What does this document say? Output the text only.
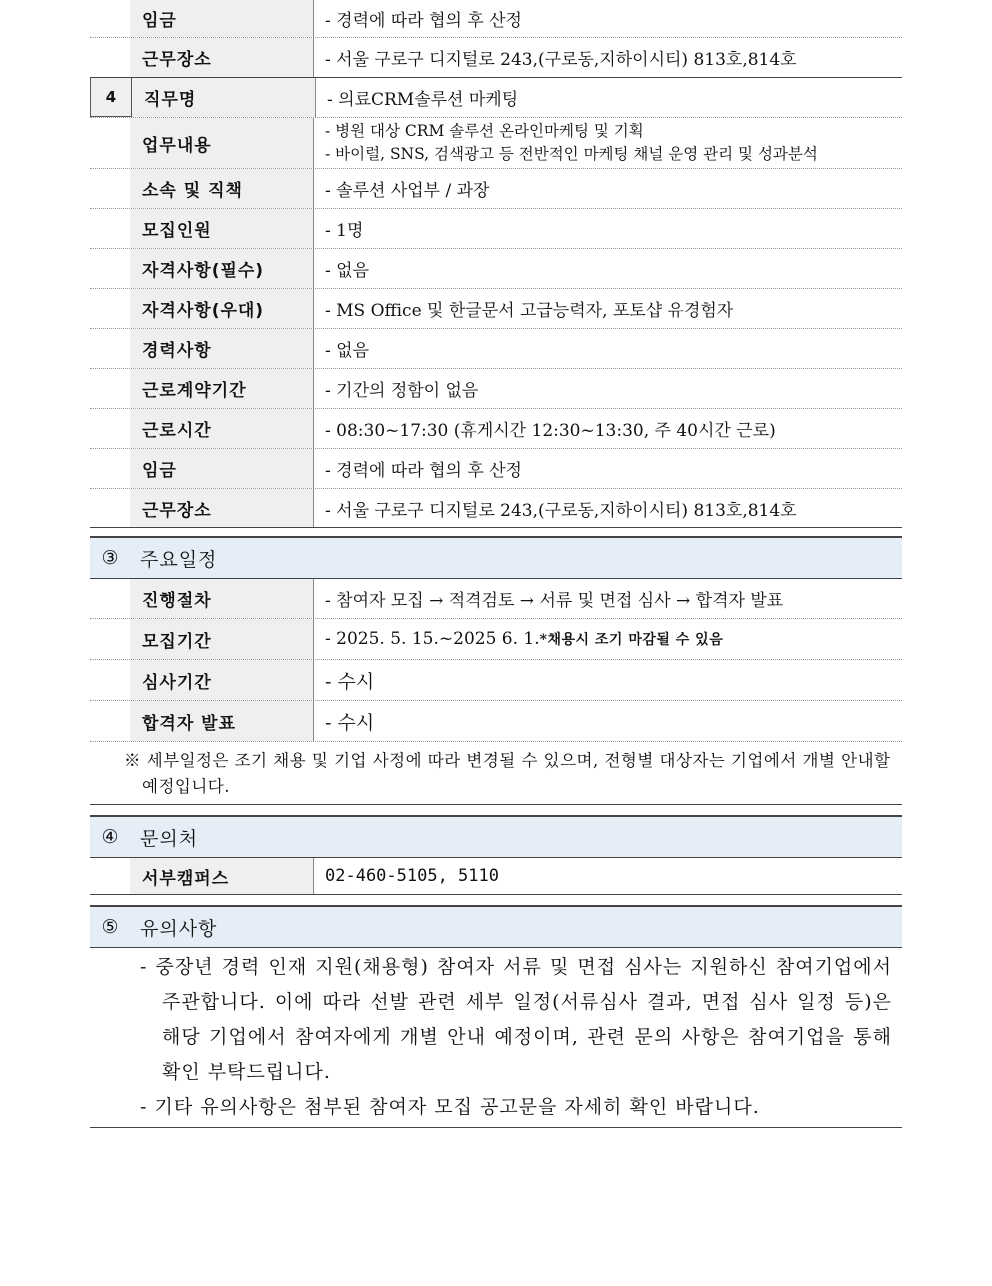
임금	- 경력에 따라 협의 후 산정
근무장소	- 서울 구로구 디지털로 243,(구로동,지하이시티) 813호,814호
4	직무명	- 의료CRM솔루션 마케팅
업무내용
- 병원 대상 CRM 솔루션 온라인마케팅 및 기획
- 바이럴, SNS, 검색광고 등 전반적인 마케팅 채널 운영 관리 및 성과분석
소속 및 직책	- 솔루션 사업부 / 과장
모집인원	- 1명
자격사항(필수)	- 없음
자격사항(우대)	- MS Office 및 한글문서 고급능력자, 포토샵 유경험자
경력사항	- 없음
근로계약기간	- 기간의 정함이 없음
근로시간	- 08:30~17:30 (휴게시간 12:30~13:30, 주 40시간 근로)
임금	- 경력에 따라 협의 후 산정
근무장소	- 서울 구로구 디지털로 243,(구로동,지하이시티) 813호,814호
③	주요일정
진행절차	- 참여자 모집 → 적격검토 → 서류 및 면접 심사 → 합격자 발표
모집기간	- 2025. 5. 15.~2025 6. 1. *채용시 조기 마감될 수 있음
심사기간	- 수시
합격자 발표	- 수시
※ 세부일정은 조기 채용 및 기업 사정에 따라 변경될 수 있으며, 전형별 대상자는 기업에서 개별 안내할 예정입니다.
④	문의처
서부캠퍼스	02-460-5105, 5110
⑤	유의사항
- 중장년 경력 인재 지원(채용형) 참여자 서류 및 면접 심사는 지원하신 참여기업에서 주관합니다. 이에 따라 선발 관련 세부 일정(서류심사 결과, 면접 심사 일정 등)은 해당 기업에서 참여자에게 개별 안내 예정이며, 관련 문의 사항은 참여기업을 통해 확인 부탁드립니다.
- 기타 유의사항은 첨부된 참여자 모집 공고문을 자세히 확인 바랍니다.
